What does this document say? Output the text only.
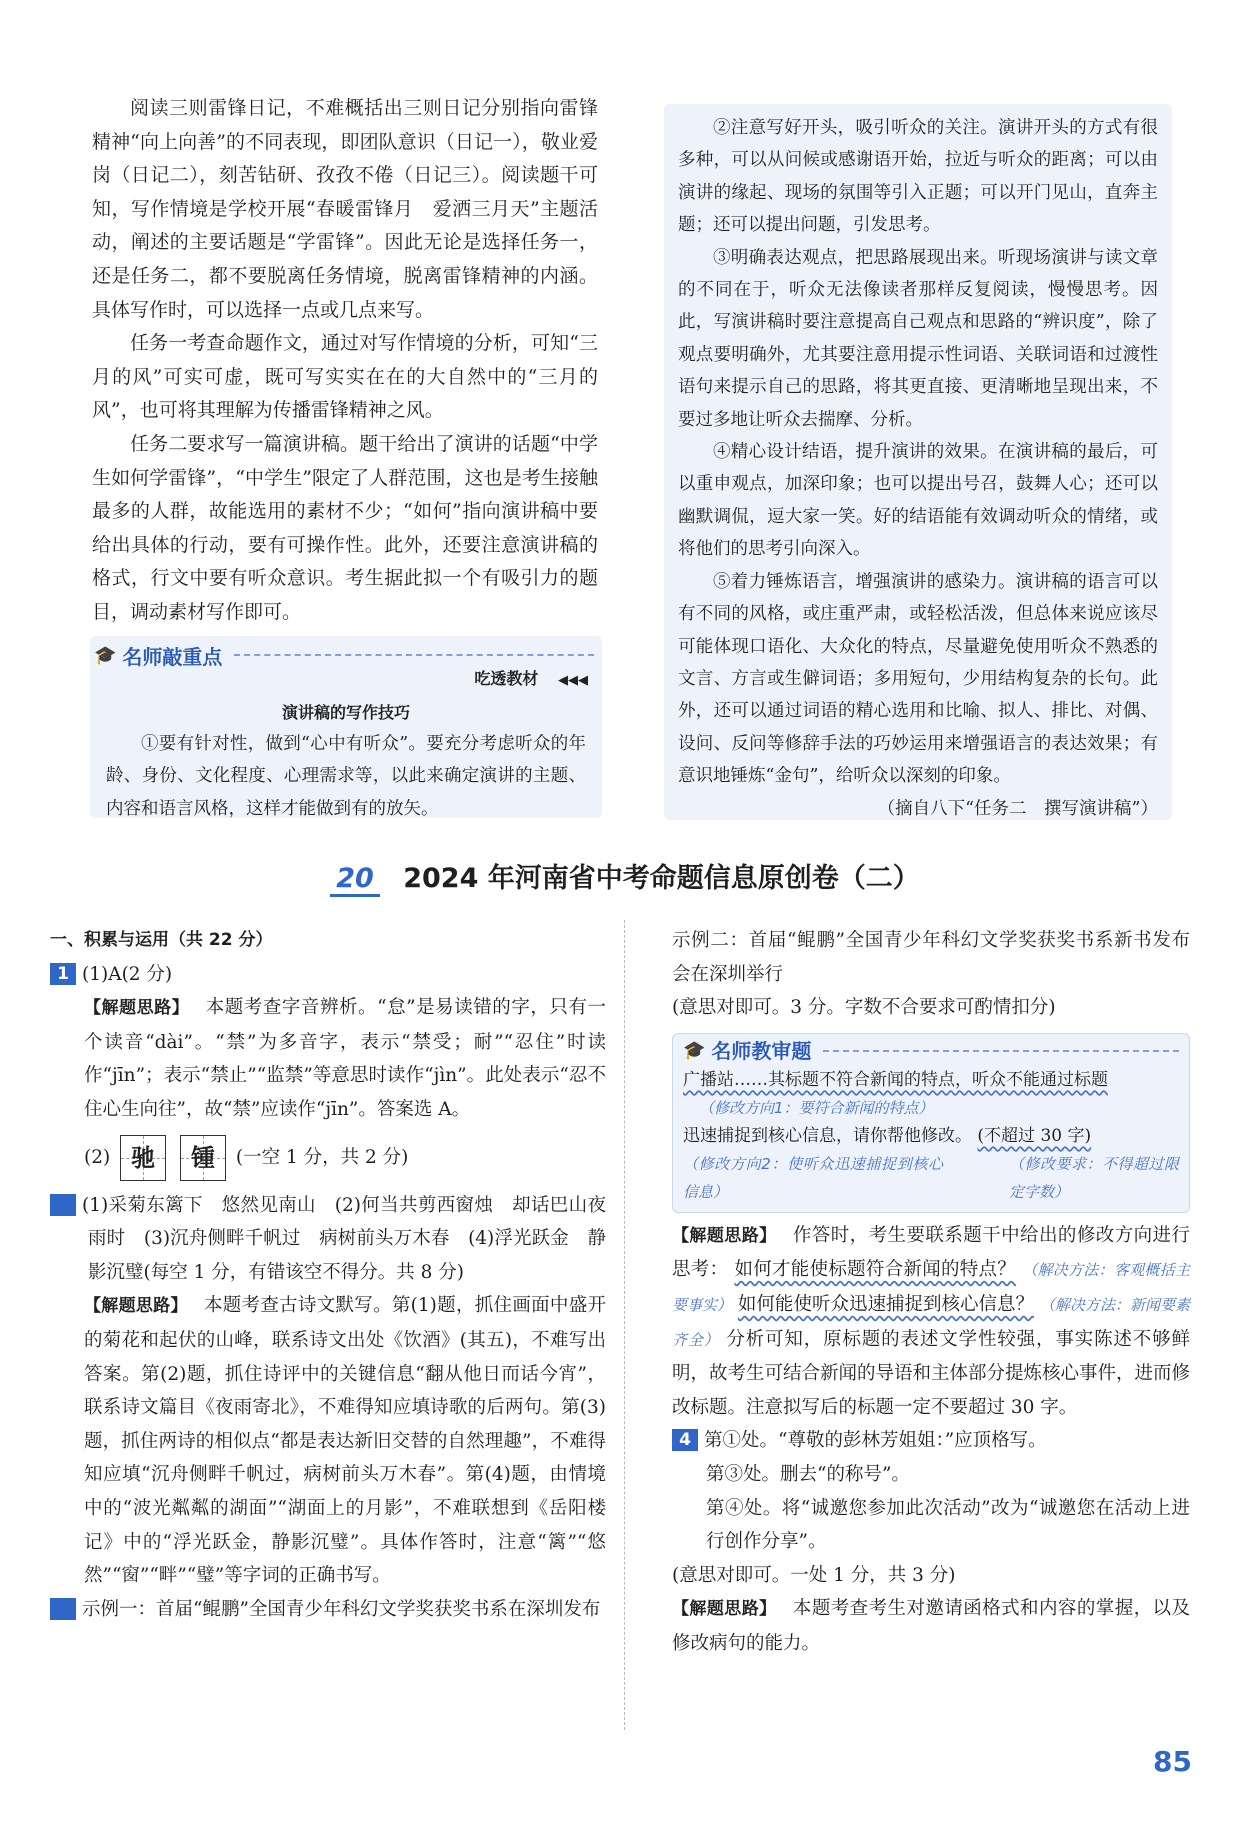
阅读三则雷锋日记，不难概括出三则日记分别指向雷锋精神“向上向善”的不同表现，即团队意识（日记一），敬业爱岗（日记二），刻苦钻研、孜孜不倦（日记三）。阅读题干可知，写作情境是学校开展“春暖雷锋月　爱洒三月天”主题活动，阐述的主要话题是“学雷锋”。因此无论是选择任务一，还是任务二，都不要脱离任务情境，脱离雷锋精神的内涵。具体写作时，可以选择一点或几点来写。

任务一考查命题作文，通过对写作情境的分析，可知“三月的风”可实可虚，既可写实实在在的大自然中的“三月的风”，也可将其理解为传播雷锋精神之风。

任务二要求写一篇演讲稿。题干给出了演讲的话题“中学生如何学雷锋”，“中学生”限定了人群范围，这也是考生接触最多的人群，故能选用的素材不少；“如何”指向演讲稿中要给出具体的行动，要有可操作性。此外，还要注意演讲稿的格式，行文中要有听众意识。考生据此拟一个有吸引力的题目，调动素材写作即可。

🎓 名师敲重点
吃透教材 ◀◀◀
演讲稿的写作技巧

①要有针对性，做到“心中有听众”。要充分考虑听众的年龄、身份、文化程度、心理需求等，以此来确定演讲的主题、内容和语言风格，这样才能做到有的放矢。

②注意写好开头，吸引听众的关注。演讲开头的方式有很多种，可以从问候或感谢语开始，拉近与听众的距离；可以由演讲的缘起、现场的氛围等引入正题；可以开门见山，直奔主题；还可以提出问题，引发思考。

③明确表达观点，把思路展现出来。听现场演讲与读文章的不同在于，听众无法像读者那样反复阅读，慢慢思考。因此，写演讲稿时要注意提高自己观点和思路的“辨识度”，除了观点要明确外，尤其要注意用提示性词语、关联词语和过渡性语句来提示自己的思路，将其更直接、更清晰地呈现出来，不要过多地让听众去揣摩、分析。

④精心设计结语，提升演讲的效果。在演讲稿的最后，可以重申观点，加深印象；也可以提出号召，鼓舞人心；还可以幽默调侃，逗大家一笑。好的结语能有效调动听众的情绪，或将他们的思考引向深入。

⑤着力锤炼语言，增强演讲的感染力。演讲稿的语言可以有不同的风格，或庄重严肃，或轻松活泼，但总体来说应该尽可能体现口语化、大众化的特点，尽量避免使用听众不熟悉的文言、方言或生僻词语；多用短句，少用结构复杂的长句。此外，还可以通过词语的精心选用和比喻、拟人、排比、对偶、设问、反问等修辞手法的巧妙运用来增强语言的表达效果；有意识地锤炼“金句”，给听众以深刻的印象。

（摘自八下“任务二　撰写演讲稿”）

20 2024 年河南省中考命题信息原创卷（二）

一、积累与运用（共 22 分）

1 (1)A(2 分)

【解题思路】 本题考查字音辨析。“怠”是易读错的字，只有一个读音“dài”。“禁”为多音字，表示“禁受；耐”“忍住”时读作“jīn”；表示“禁止”“监禁”等意思时读作“jìn”。此处表示“忍不住心生向往”，故“禁”应读作“jīn”。答案选 A。

(2) 驰 锺 (一空 1 分，共 2 分)

2 (1)采菊东篱下　悠然见南山　(2)何当共剪西窗烛　却话巴山夜雨时　(3)沉舟侧畔千帆过　病树前头万木春　(4)浮光跃金　静影沉璧(每空 1 分，有错该空不得分。共 8 分)

【解题思路】 本题考查古诗文默写。第(1)题，抓住画面中盛开的菊花和起伏的山峰，联系诗文出处《饮酒》(其五)，不难写出答案。第(2)题，抓住诗评中的关键信息“翻从他日而话今宵”，联系诗文篇目《夜雨寄北》，不难得知应填诗歌的后两句。第(3)题，抓住两诗的相似点“都是表达新旧交替的自然理趣”，不难得知应填“沉舟侧畔千帆过，病树前头万木春”。第(4)题，由情境中的“波光粼粼的湖面”“湖面上的月影”，不难联想到《岳阳楼记》中的“浮光跃金，静影沉璧”。具体作答时，注意“篱”“悠然”“窗”“畔”“璧”等字词的正确书写。

3 示例一：首届“鲲鹏”全国青少年科幻文学奖获奖书系在深圳发布

示例二：首届“鲲鹏”全国青少年科幻文学奖获奖书系新书发布会在深圳举行

(意思对即可。3 分。字数不合要求可酌情扣分)

🎓 名师教审题

广播站……其标题不符合新闻的特点，听众不能通过标题

（修改方向1：要符合新闻的特点）

迅速捕捉到核心信息，请你帮他修改。 (不超过 30 字)

（修改方向2：使听众迅速捕捉到核心信息）

（修改要求：不得超过限定字数）

【解题思路】 作答时，考生要联系题干中给出的修改方向进行思考： 如何才能使标题符合新闻的特点？ （解决方法：客观概括主要事实） 如何能使听众迅速捕捉到核心信息？ （解决方法：新闻要素齐全） 分析可知，原标题的表述文学性较强，事实陈述不够鲜明，故考生可结合新闻的导语和主体部分提炼核心事件，进而修改标题。注意拟写后的标题一定不要超过 30 字。

4 第①处。“尊敬的彭林芳姐姐：”应顶格写。

第③处。删去“的称号”。

第④处。将“诚邀您参加此次活动”改为“诚邀您在活动上进行创作分享”。

(意思对即可。一处 1 分，共 3 分)

【解题思路】 本题考查考生对邀请函格式和内容的掌握，以及修改病句的能力。

85
